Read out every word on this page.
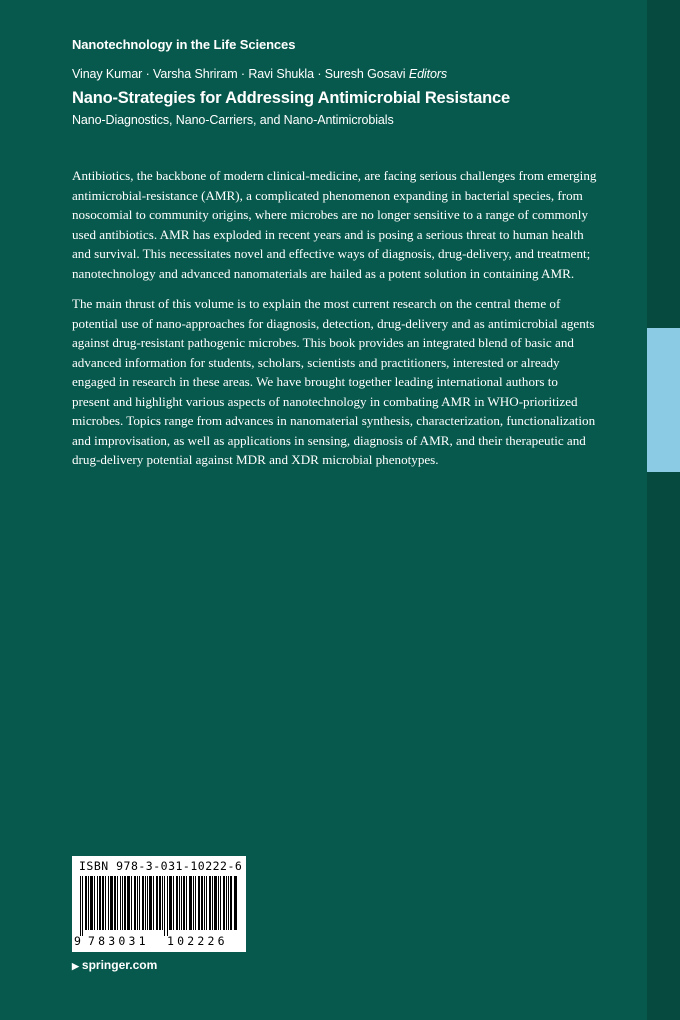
Nanotechnology in the Life Sciences
Vinay Kumar · Varsha Shriram · Ravi Shukla · Suresh Gosavi Editors
Nano-Strategies for Addressing Antimicrobial Resistance
Nano-Diagnostics, Nano-Carriers, and Nano-Antimicrobials

Antibiotics, the backbone of modern clinical-medicine, are facing serious challenges from emerging antimicrobial-resistance (AMR), a complicated phenomenon expanding in bacterial species, from nosocomial to community origins, where microbes are no longer sensitive to a range of commonly used antibiotics. AMR has exploded in recent years and is posing a serious threat to human health and survival. This necessitates novel and effective ways of diagnosis, drug-delivery, and treatment; nanotechnology and advanced nanomaterials are hailed as a potent solution in containing AMR.

The main thrust of this volume is to explain the most current research on the central theme of potential use of nano-approaches for diagnosis, detection, drug-delivery and as antimicrobial agents against drug-resistant pathogenic microbes. This book provides an integrated blend of basic and advanced information for students, scholars, scientists and practitioners, interested or already engaged in research in these areas. We have brought together leading international authors to present and highlight various aspects of nanotechnology in combating AMR in WHO-prioritized microbes. Topics range from advances in nanomaterial synthesis, characterization, functionalization and improvisation, as well as applications in sensing, diagnosis of AMR, and their therapeutic and drug-delivery potential against MDR and XDR microbial phenotypes.

ISBN 978-3-031-10222-6
9 783031 102226
▶ springer.com
